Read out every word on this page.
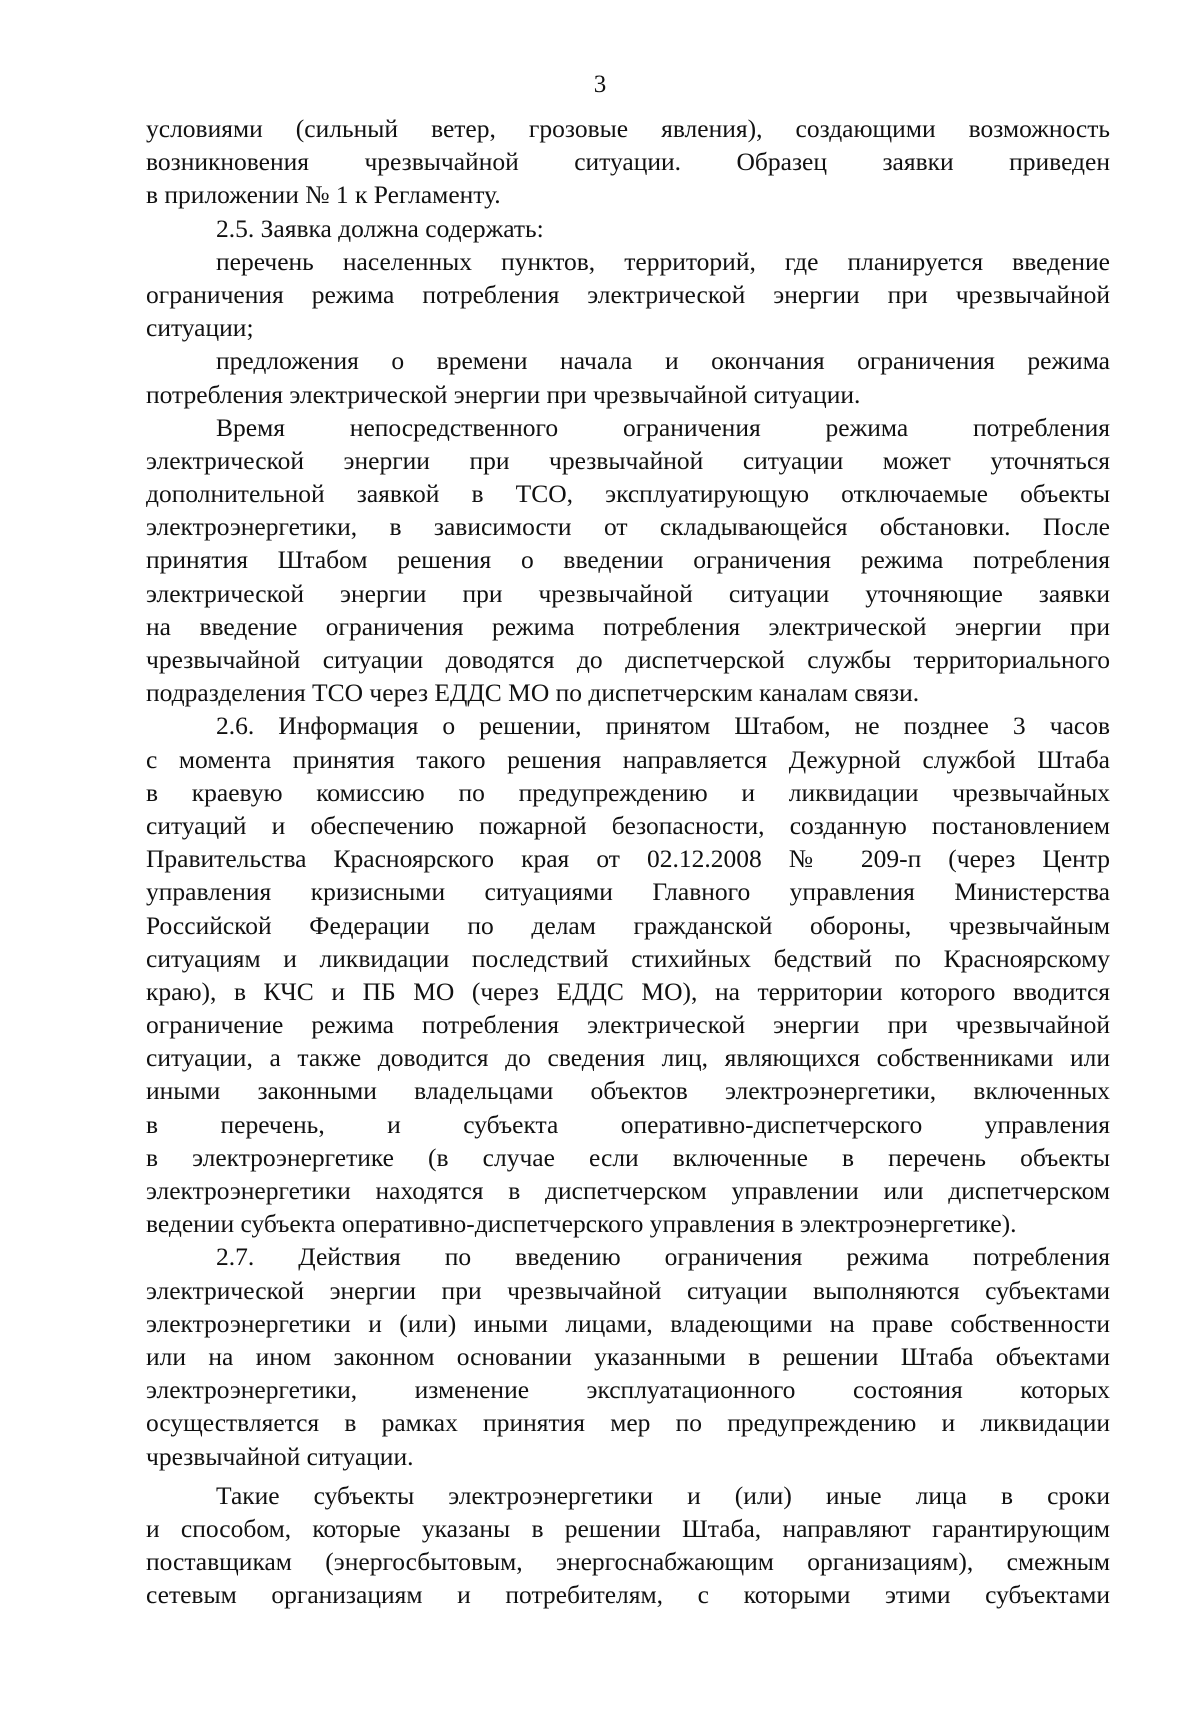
3
условиями (сильный ветер, грозовые явления), создающими возможность
возникновения чрезвычайной ситуации. Образец заявки приведен
в приложении № 1 к Регламенту.
2.5. Заявка должна содержать:
перечень населенных пунктов, территорий, где планируется введение
ограничения режима потребления электрической энергии при чрезвычайной
ситуации;
предложения о времени начала и окончания ограничения режима
потребления электрической энергии при чрезвычайной ситуации.
Время непосредственного ограничения режима потребления
электрической энергии при чрезвычайной ситуации может уточняться
дополнительной заявкой в ТСО, эксплуатирующую отключаемые объекты
электроэнергетики, в зависимости от складывающейся обстановки. После
принятия Штабом решения о введении ограничения режима потребления
электрической энергии при чрезвычайной ситуации уточняющие заявки
на введение ограничения режима потребления электрической энергии при
чрезвычайной ситуации доводятся до диспетчерской службы территориального
подразделения ТСО через ЕДДС МО по диспетчерским каналам связи.
2.6. Информация о решении, принятом Штабом, не позднее 3 часов
с момента принятия такого решения направляется Дежурной службой Штаба
в краевую комиссию по предупреждению и ликвидации чрезвычайных
ситуаций и обеспечению пожарной безопасности, созданную постановлением
Правительства Красноярского края от 02.12.2008 № 209-п (через Центр
управления кризисными ситуациями Главного управления Министерства
Российской Федерации по делам гражданской обороны, чрезвычайным
ситуациям и ликвидации последствий стихийных бедствий по Красноярскому
краю), в КЧС и ПБ МО (через ЕДДС МО), на территории которого вводится
ограничение режима потребления электрической энергии при чрезвычайной
ситуации, а также доводится до сведения лиц, являющихся собственниками или
иными законными владельцами объектов электроэнергетики, включенных
в перечень, и субъекта оперативно-диспетчерского управления
в электроэнергетике (в случае если включенные в перечень объекты
электроэнергетики находятся в диспетчерском управлении или диспетчерском
ведении субъекта оперативно-диспетчерского управления в электроэнергетике).
2.7. Действия по введению ограничения режима потребления
электрической энергии при чрезвычайной ситуации выполняются субъектами
электроэнергетики и (или) иными лицами, владеющими на праве собственности
или на ином законном основании указанными в решении Штаба объектами
электроэнергетики, изменение эксплуатационного состояния которых
осуществляется в рамках принятия мер по предупреждению и ликвидации
чрезвычайной ситуации.
Такие субъекты электроэнергетики и (или) иные лица в сроки
и способом, которые указаны в решении Штаба, направляют гарантирующим
поставщикам (энергосбытовым, энергоснабжающим организациям), смежным
сетевым организациям и потребителям, с которыми этими субъектами
